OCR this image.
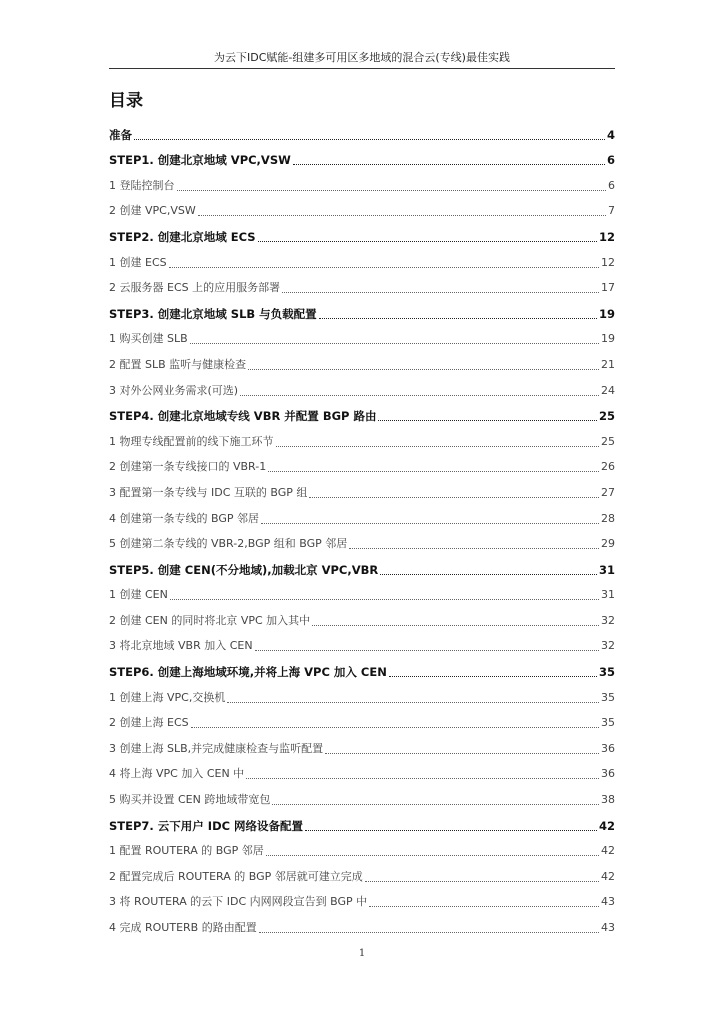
为云下IDC赋能-组建多可用区多地域的混合云(专线)最佳实践
目录
准备	4
STEP1. 创建北京地域 VPC,VSW	6
1 登陆控制台	6
2 创建 VPC,VSW	7
STEP2. 创建北京地域 ECS	12
1 创建 ECS	12
2 云服务器 ECS 上的应用服务部署	17
STEP3. 创建北京地域 SLB 与负载配置	19
1 购买创建 SLB	19
2 配置 SLB 监听与健康检查	21
3 对外公网业务需求(可选)	24
STEP4. 创建北京地域专线 VBR 并配置 BGP 路由	25
1 物理专线配置前的线下施工环节	25
2 创建第一条专线接口的 VBR-1	26
3 配置第一条专线与 IDC 互联的 BGP 组	27
4 创建第一条专线的 BGP 邻居	28
5 创建第二条专线的 VBR-2,BGP 组和 BGP 邻居	29
STEP5. 创建 CEN(不分地域),加载北京 VPC,VBR	31
1 创建 CEN	31
2 创建 CEN 的同时将北京 VPC 加入其中	32
3 将北京地域 VBR 加入 CEN	32
STEP6. 创建上海地域环境,并将上海 VPC 加入 CEN	35
1 创建上海 VPC,交换机	35
2 创建上海 ECS	35
3 创建上海 SLB,并完成健康检查与监听配置	36
4 将上海 VPC 加入 CEN 中	36
5 购买并设置 CEN 跨地域带宽包	38
STEP7. 云下用户 IDC 网络设备配置	42
1 配置 ROUTERA 的 BGP 邻居	42
2 配置完成后 ROUTERA 的 BGP 邻居就可建立完成	42
3 将 ROUTERA 的云下 IDC 内网网段宣告到 BGP 中	43
4 完成 ROUTERB 的路由配置	43
1
